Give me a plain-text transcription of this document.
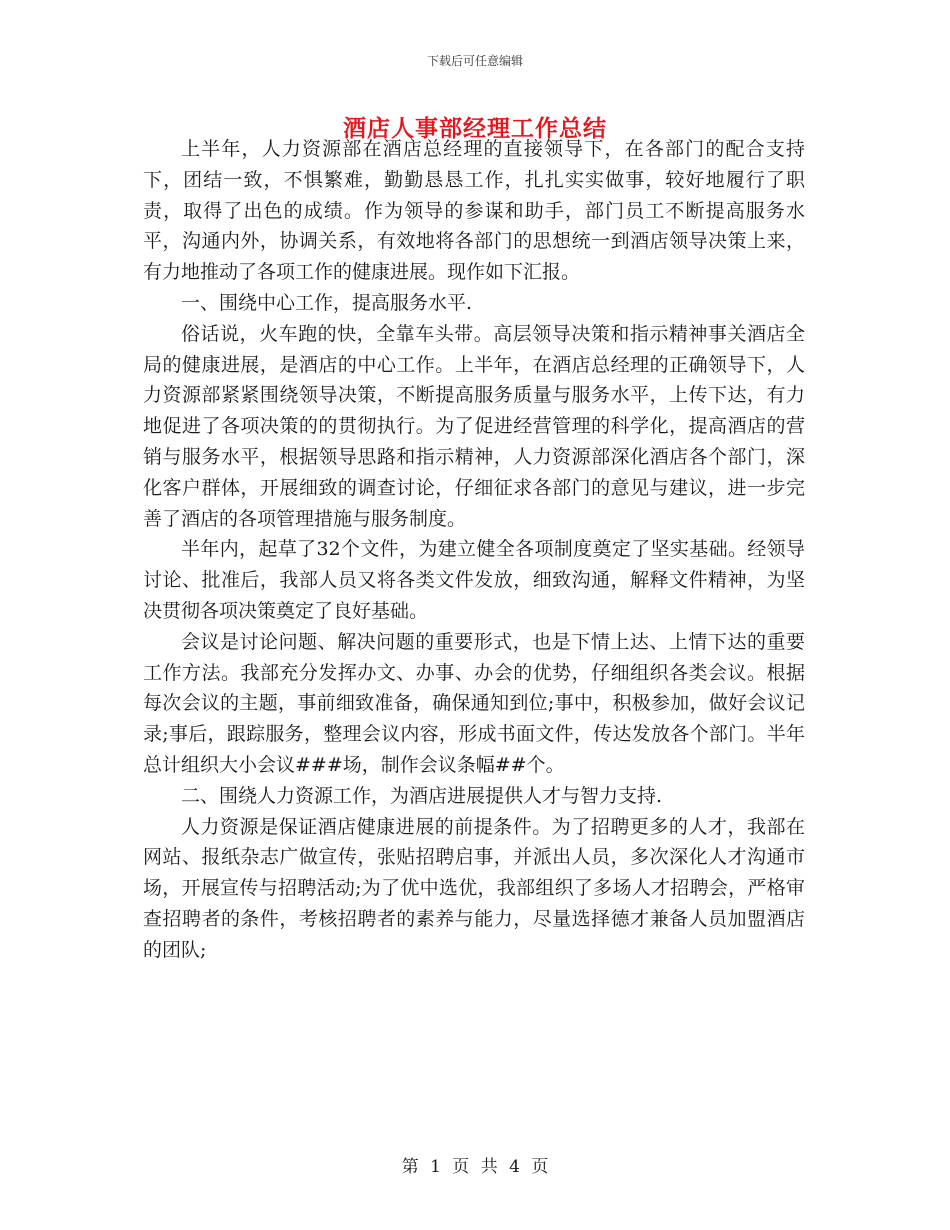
下载后可任意编辑
酒店人事部经理工作总结

上半年，人力资源部在酒店总经理的直接领导下，在各部门的配合支持下，团结一致，不惧繁难，勤勤恳恳工作，扎扎实实做事，较好地履行了职责，取得了出色的成绩。作为领导的参谋和助手，部门员工不断提高服务水平，沟通内外，协调关系，有效地将各部门的思想统一到酒店领导决策上来，有力地推动了各项工作的健康进展。现作如下汇报。

一、围绕中心工作，提高服务水平.

俗话说，火车跑的快，全靠车头带。高层领导决策和指示精神事关酒店全局的健康进展，是酒店的中心工作。上半年，在酒店总经理的正确领导下，人力资源部紧紧围绕领导决策，不断提高服务质量与服务水平，上传下达，有力地促进了各项决策的的贯彻执行。为了促进经营管理的科学化，提高酒店的营销与服务水平，根据领导思路和指示精神，人力资源部深化酒店各个部门，深化客户群体，开展细致的调查讨论，仔细征求各部门的意见与建议，进一步完善了酒店的各项管理措施与服务制度。

半年内，起草了32个文件，为建立健全各项制度奠定了坚实基础。经领导讨论、批准后，我部人员又将各类文件发放，细致沟通，解释文件精神，为坚决贯彻各项决策奠定了良好基础。

会议是讨论问题、解决问题的重要形式，也是下情上达、上情下达的重要工作方法。我部充分发挥办文、办事、办会的优势，仔细组织各类会议。根据每次会议的主题，事前细致准备，确保通知到位;事中，积极参加，做好会议记录;事后，跟踪服务，整理会议内容，形成书面文件，传达发放各个部门。半年总计组织大小会议###场，制作会议条幅##个。

二、围绕人力资源工作，为酒店进展提供人才与智力支持.

人力资源是保证酒店健康进展的前提条件。为了招聘更多的人才，我部在网站、报纸杂志广做宣传，张贴招聘启事，并派出人员，多次深化人才沟通市场，开展宣传与招聘活动;为了优中选优，我部组织了多场人才招聘会，严格审查招聘者的条件，考核招聘者的素养与能力，尽量选择德才兼备人员加盟酒店的团队;

第 1 页 共 4 页
